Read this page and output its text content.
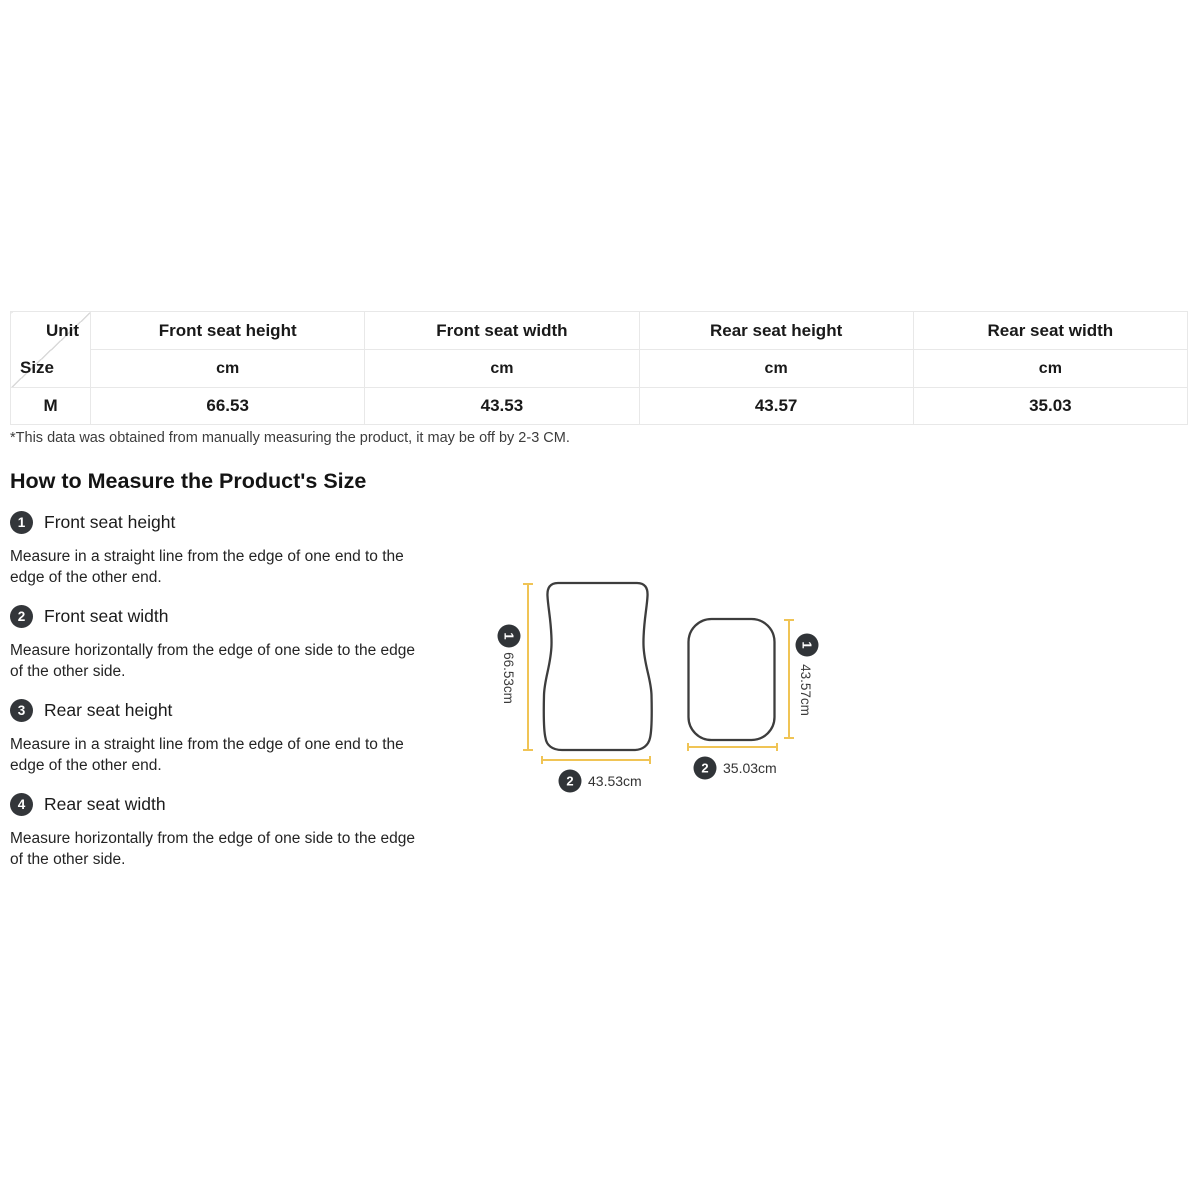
Unit
Size	Front seat height	Front seat width	Rear seat height	Rear seat width
	cm	cm	cm	cm
M	66.53	43.53	43.57	35.03
*This data was obtained from manually measuring the product, it may be off by 2-3 CM.
How to Measure the Product's Size
1	Front seat height

Measure in a straight line from the edge of one end to the edge of the other end.

2	Front seat width

Measure horizontally from the edge of one side to the edge of the other side.

3	Rear seat height

Measure in a straight line from the edge of one end to the edge of the other end.

4	Rear seat width

Measure horizontally from the edge of one side to the edge of the other side.

1
66.53cm
2 43.53cm
1
43.57cm
2 35.03cm
